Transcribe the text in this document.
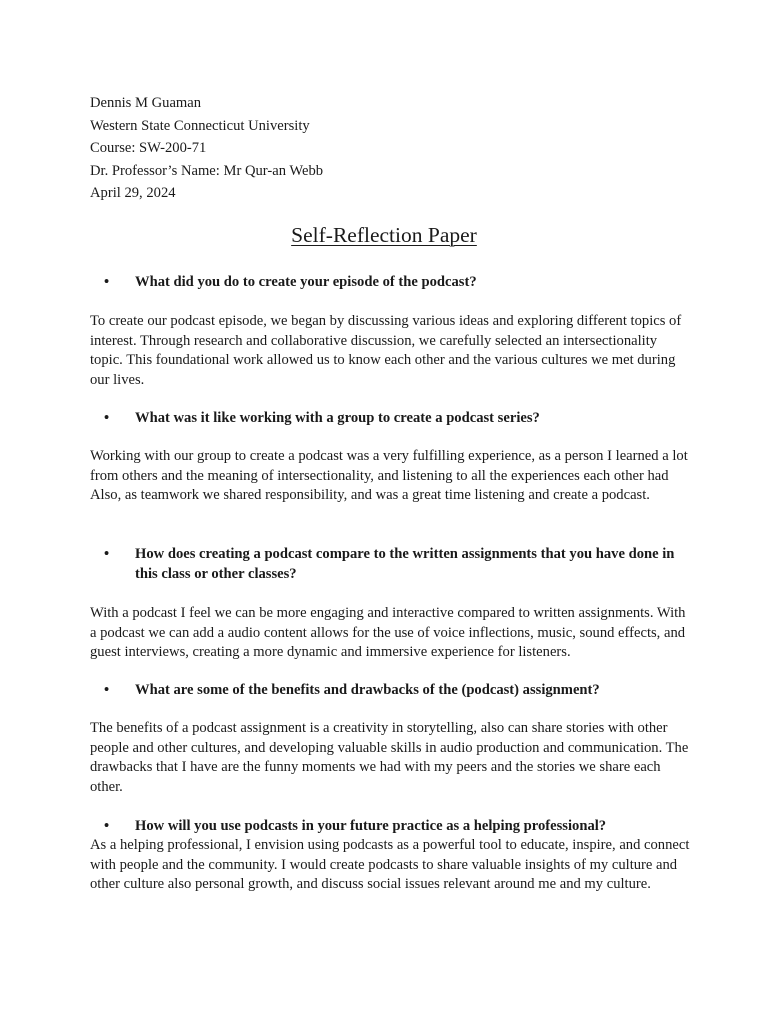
Dennis M Guaman
Western State Connecticut University
Course: SW-200-71
Dr. Professor’s Name: Mr Qur-an Webb
April 29, 2024
Self-Reflection Paper
• What did you do to create your episode of the podcast?

To create our podcast episode, we began by discussing various ideas and exploring different topics of interest. Through research and collaborative discussion, we carefully selected an intersectionality topic. This foundational work allowed us to know each other and the various cultures we met during our lives.

• What was it like working with a group to create a podcast series?

Working with our group to create a podcast was a very fulfilling experience, as a person I learned a lot from others and the meaning of intersectionality, and listening to all the experiences each other had Also, as teamwork we shared responsibility, and was a great time listening and create a podcast.

• How does creating a podcast compare to the written assignments that you have done in this class or other classes?

With a podcast I feel we can be more engaging and interactive compared to written assignments. With a podcast we can add a audio content allows for the use of voice inflections, music, sound effects, and guest interviews, creating a more dynamic and immersive experience for listeners.

• What are some of the benefits and drawbacks of the (podcast) assignment?

The benefits of a podcast assignment is a creativity in storytelling, also can share stories with other people and other cultures, and developing valuable skills in audio production and communication. The drawbacks that I have are the funny moments we had with my peers and the stories we share each other.

• How will you use podcasts in your future practice as a helping professional?

As a helping professional, I envision using podcasts as a powerful tool to educate, inspire, and connect with people and the community. I would create podcasts to share valuable insights of my culture and other culture also personal growth, and discuss social issues relevant around me and my culture.
